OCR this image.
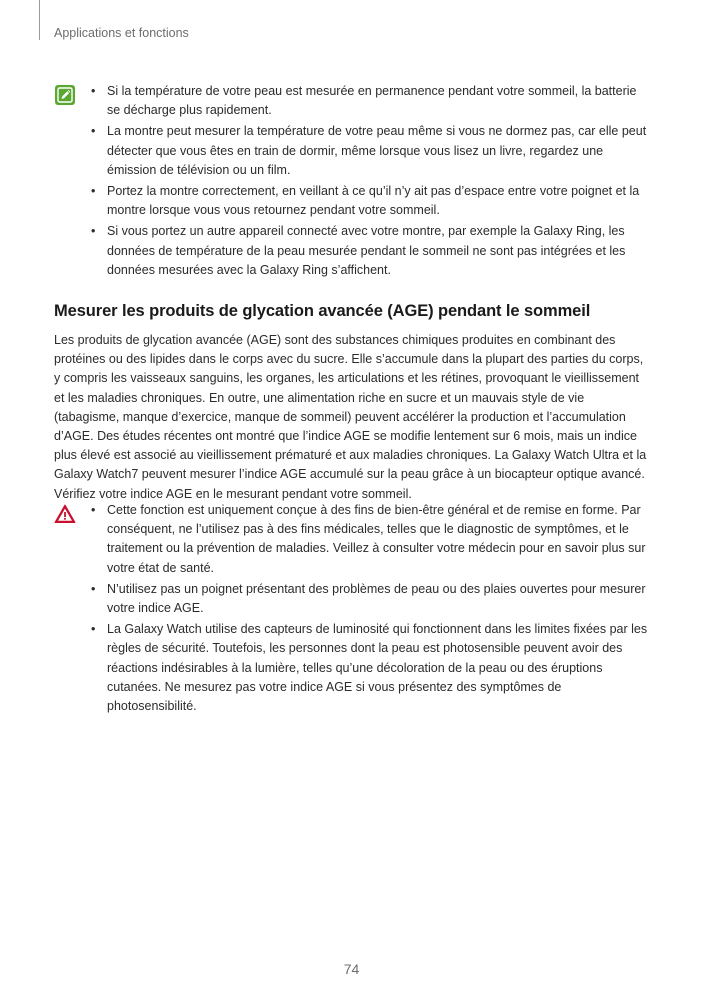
Applications et fonctions
• Si la température de votre peau est mesurée en permanence pendant votre sommeil, la batterie se décharge plus rapidement.
• La montre peut mesurer la température de votre peau même si vous ne dormez pas, car elle peut détecter que vous êtes en train de dormir, même lorsque vous lisez un livre, regardez une émission de télévision ou un film.
• Portez la montre correctement, en veillant à ce qu’il n’y ait pas d’espace entre votre poignet et la montre lorsque vous vous retournez pendant votre sommeil.
• Si vous portez un autre appareil connecté avec votre montre, par exemple la Galaxy Ring, les données de température de la peau mesurée pendant le sommeil ne sont pas intégrées et les données mesurées avec la Galaxy Ring s’affichent.
Mesurer les produits de glycation avancée (AGE) pendant le sommeil

Les produits de glycation avancée (AGE) sont des substances chimiques produites en combinant des protéines ou des lipides dans le corps avec du sucre. Elle s’accumule dans la plupart des parties du corps, y compris les vaisseaux sanguins, les organes, les articulations et les rétines, provoquant le vieillissement et les maladies chroniques. En outre, une alimentation riche en sucre et un mauvais style de vie (tabagisme, manque d’exercice, manque de sommeil) peuvent accélérer la production et l’accumulation d’AGE. Des études récentes ont montré que l’indice AGE se modifie lentement sur 6 mois, mais un indice plus élevé est associé au vieillissement prématuré et aux maladies chroniques. La Galaxy Watch Ultra et la Galaxy Watch7 peuvent mesurer l’indice AGE accumulé sur la peau grâce à un biocapteur optique avancé. Vérifiez votre indice AGE en le mesurant pendant votre sommeil.

• Cette fonction est uniquement conçue à des fins de bien-être général et de remise en forme. Par conséquent, ne l’utilisez pas à des fins médicales, telles que le diagnostic de symptômes, et le traitement ou la prévention de maladies. Veillez à consulter votre médecin pour en savoir plus sur votre état de santé.
• N’utilisez pas un poignet présentant des problèmes de peau ou des plaies ouvertes pour mesurer votre indice AGE.
• La Galaxy Watch utilise des capteurs de luminosité qui fonctionnent dans les limites fixées par les règles de sécurité. Toutefois, les personnes dont la peau est photosensible peuvent avoir des réactions indésirables à la lumière, telles qu’une décoloration de la peau ou des éruptions cutanées. Ne mesurez pas votre indice AGE si vous présentez des symptômes de photosensibilité.
74
